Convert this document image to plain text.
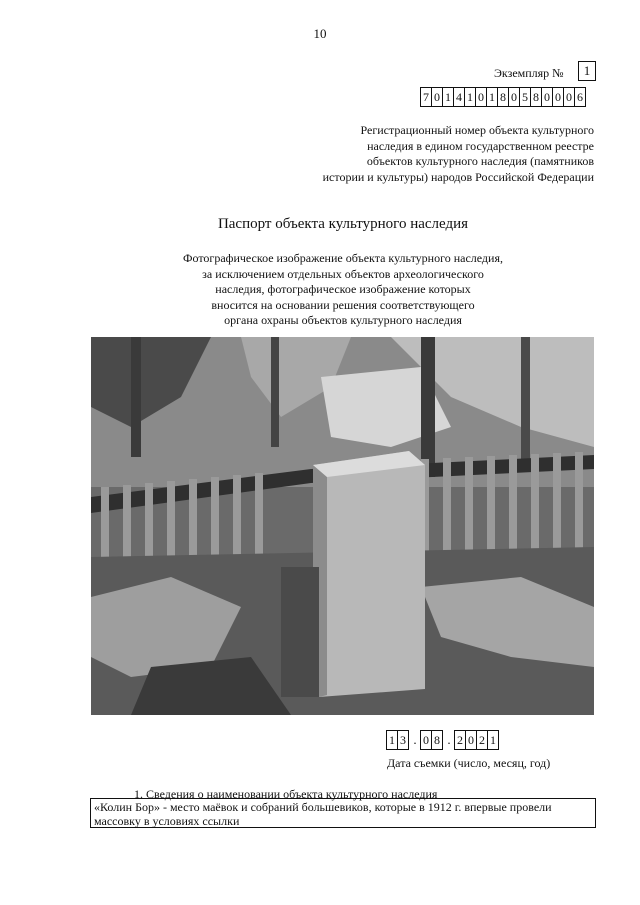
10
Экземпляр №	1
7 0 1 4 1 0 1 8 0 5 8 0 0 0 6
Регистрационный номер объекта культурного
наследия в едином государственном реестре
объектов культурного наследия (памятников
истории и культуры) народов Российской Федерации
Паспорт объекта культурного наследия
Фотографическое изображение объекта культурного наследия,
за исключением отдельных объектов археологического
наследия, фотографическое изображение которых
вносится на основании решения соответствующего
органа охраны объектов культурного наследия
1 3 . 0 8 . 2 0 2 1
Дата съемки (число, месяц, год)
1. Сведения о наименовании объекта культурного наследия
«Колин Бор» - место маёвок и собраний большевиков, которые в 1912 г. впервые провели массовку в условиях ссылки
